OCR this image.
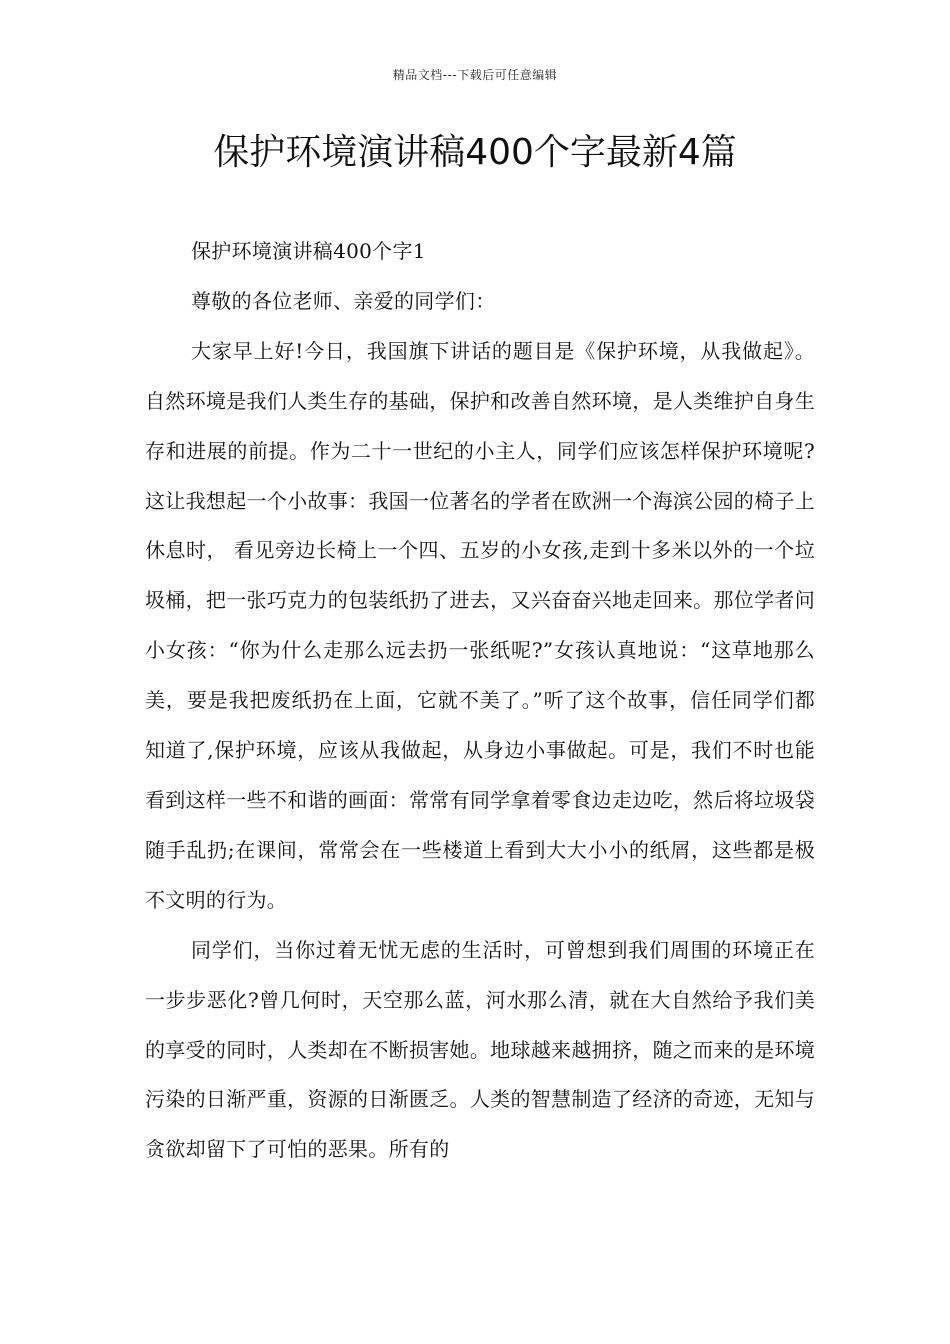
精品文档---下载后可任意编辑
保护环境演讲稿400个字最新4篇

保护环境演讲稿400个字1

尊敬的各位老师、亲爱的同学们：

大家早上好!今日，我国旗下讲话的题目是《保护环境，从我做起》。 自然环境是我们人类生存的基础，保护和改善自然环境，是人类维护自身生存和进展的前提。作为二十一世纪的小主人，同学们应该怎样保护环境呢?这让我想起一个小故事：我国一位著名的学者在欧洲一个海滨公园的椅子上休息时， 看见旁边长椅上一个四、五岁的小女孩,走到十多米以外的一个垃圾桶，把一张巧克力的包装纸扔了进去，又兴奋奋兴地走回来。那位学者问小女孩：“你为什么走那么远去扔一张纸呢?”女孩认真地说：“这草地那么美，要是我把废纸扔在上面，它就不美了。”听了这个故事，信任同学们都知道了,保护环境，应该从我做起，从身边小事做起。可是，我们不时也能看到这样一些不和谐的画面：常常有同学拿着零食边走边吃，然后将垃圾袋随手乱扔;在课间，常常会在一些楼道上看到大大小小的纸屑，这些都是极不文明的行为。

同学们，当你过着无忧无虑的生活时，可曾想到我们周围的环境正在一步步恶化?曾几何时，天空那么蓝，河水那么清，就在大自然给予我们美的享受的同时，人类却在不断损害她。地球越来越拥挤，随之而来的是环境污染的日渐严重，资源的日渐匮乏。人类的智慧制造了经济的奇迹，无知与贪欲却留下了可怕的恶果。所有的
